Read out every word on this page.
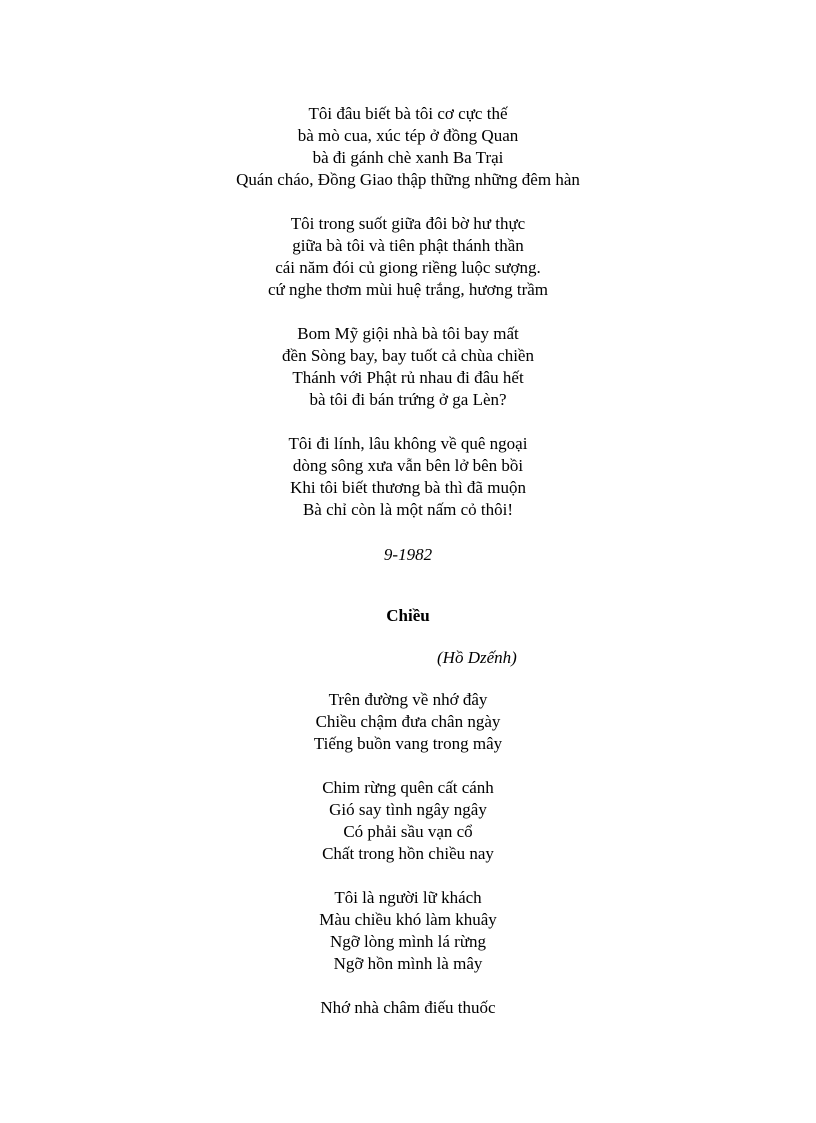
Tôi đâu biết bà tôi cơ cực thế
bà mò cua, xúc tép ở đồng Quan
bà đi gánh chè xanh Ba Trại
Quán cháo, Đồng Giao thập thững những đêm hàn
Tôi trong suốt giữa đôi bờ hư thực
giữa bà tôi và tiên phật thánh thần
cái năm đói củ giong riềng luộc sượng.
cứ nghe thơm mùi huệ trắng, hương trầm
Bom Mỹ giội nhà bà tôi bay mất
đền Sòng bay, bay tuốt cả chùa chiền
Thánh với Phật rủ nhau đi đâu hết
bà tôi đi bán trứng ở ga Lèn?
Tôi đi lính, lâu không về quê ngoại
dòng sông xưa vẫn bên lở bên bồi
Khi tôi biết thương bà thì đã muộn
Bà chỉ còn là một nấm cỏ thôi!
9-1982
Chiều
(Hồ Dzếnh)
Trên đường về nhớ đây
Chiều chậm đưa chân ngày
Tiếng buồn vang trong mây
Chim rừng quên cất cánh
Gió say tình ngây ngây
Có phải sầu vạn cổ
Chất trong hồn chiều nay
Tôi là người lữ khách
Màu chiều khó làm khuây
Ngỡ lòng mình lá rừng
Ngỡ hồn mình là mây
Nhớ nhà châm điếu thuốc
